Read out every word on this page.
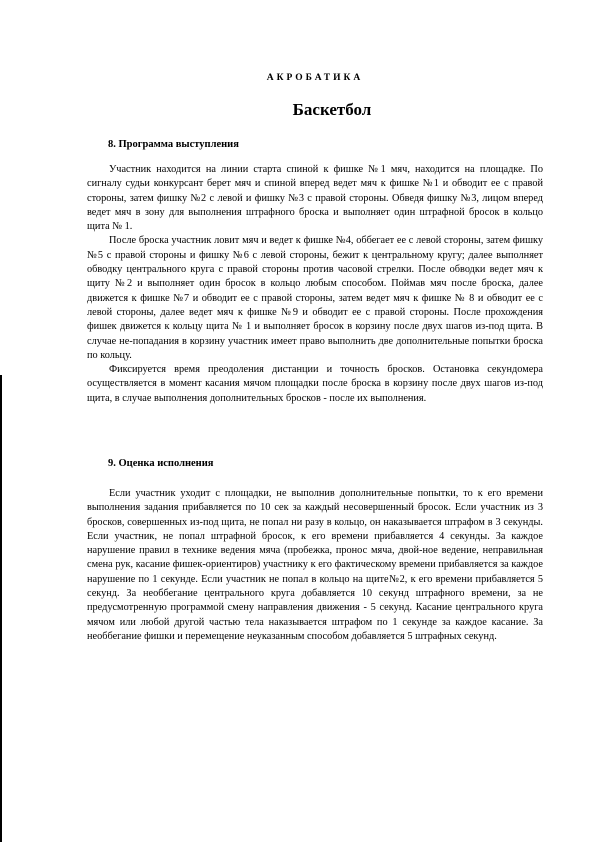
АКРОБАТИКА
Баскетбол
8. Программа выступления

Участник находится на линии старта спиной к фишке №1 мяч, находится на площадке. По сигналу судьи конкурсант берет мяч и спиной вперед ведет мяч к фишке №1 и обводит ее с правой стороны, затем фишку №2 с левой и фишку №3 с правой стороны. Обведя фишку №3, лицом вперед ведет мяч в зону для выполнения штрафного броска и выполняет один штрафной бросок в кольцо щита № 1.

После броска участник ловит мяч и ведет к фишке №4, оббегает ее с левой стороны, затем фишку №5 с правой стороны и фишку №6 с левой стороны, бежит к центральному кругу; далее выполняет обводку центрального круга с правой стороны против часовой стрелки. После обводки ведет мяч к щиту №2 и выполняет один бросок в кольцо любым способом. Поймав мяч после броска, далее движется к фишке №7 и обводит ее с правой стороны, затем ведет мяч к фишке № 8 и обводит ее с левой стороны, далее ведет мяч к фишке №9 и обводит ее с правой стороны. После прохождения фишек движется к кольцу щита № 1 и выполняет бросок в корзину после двух шагов из-под щита. В случае не-попадания в корзину участник имеет право выполнить две дополнительные попытки броска по кольцу.

Фиксируется время преодоления дистанции и точность бросков. Остановка секундомера осуществляется в момент касания мячом площадки после броска в корзину после двух шагов из-под щита, в случае выполнения дополнительных бросков - после их выполнения.

9. Оценка исполнения

Если участник уходит с площадки, не выполнив дополнительные попытки, то к его времени выполнения задания прибавляется по 10 сек за каждый несовершенный бросок. Если участник из 3 бросков, совершенных из-под щита, не попал ни разу в кольцо, он наказывается штрафом в 3 секунды. Если участник, не попал штрафной бросок, к его времени прибавляется 4 секунды. За каждое нарушение правил в технике ведения мяча (пробежка, пронос мяча, двой-ное ведение, неправильная смена рук, касание фишек-ориентиров) участнику к его фактическому времени прибавляется за каждое нарушение по 1 секунде. Если участник не попал в кольцо на щите№2, к его времени прибавляется 5 секунд. За необбегание центрального круга добавляется 10 секунд штрафного времени, за не предусмотренную программой смену направления движения - 5 секунд. Касание центрального круга мячом или любой другой частью тела наказывается штрафом по 1 секунде за каждое касание. За необбегание фишки и перемещение неуказанным способом добавляется 5 штрафных секунд.
